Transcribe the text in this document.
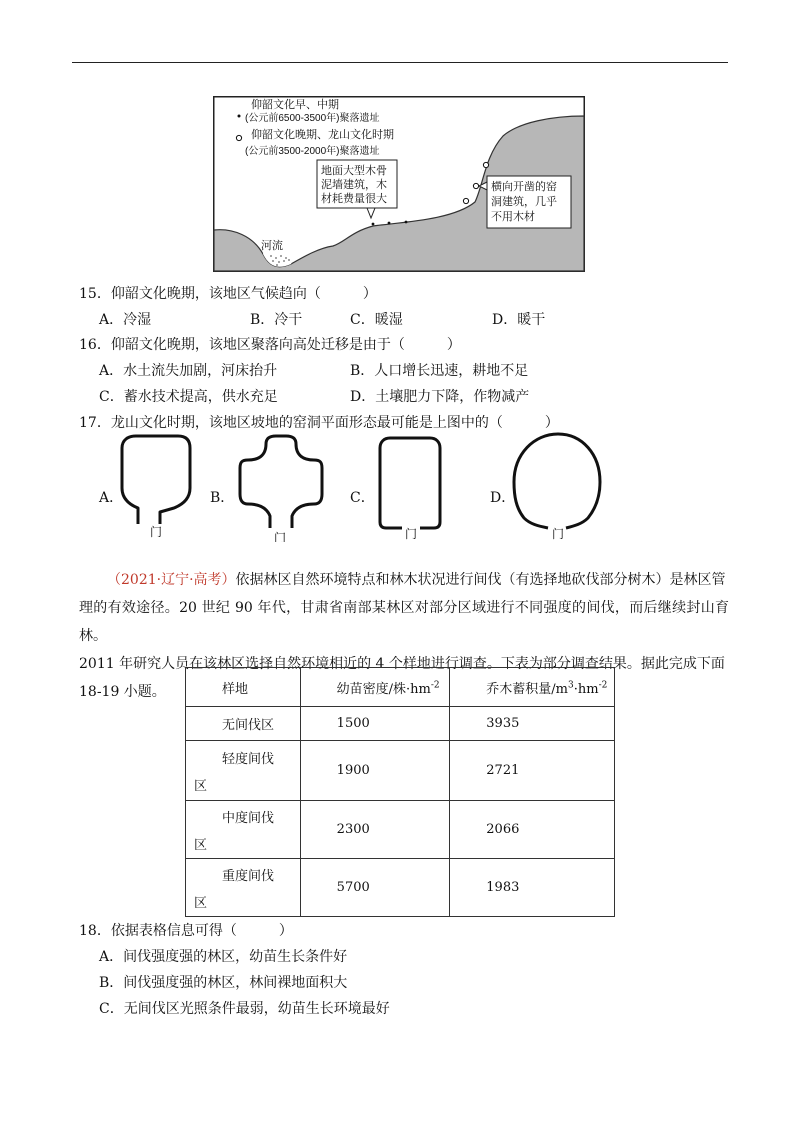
河流
仰韶文化早、中期
(公元前6500-3500年)聚落遗址
仰韶文化晚期、龙山文化时期
(公元前3500-2000年)聚落遗址
地面大型木骨
泥墙建筑，木
材耗费量很大
横向开凿的窑
洞建筑，几乎
不用木材
15．仰韶文化晚期，该地区气候趋向（　　　）
A．冷湿	B．冷干	C．暖湿	D．暖干
16．仰韶文化晚期，该地区聚落向高处迁移是由于（　　　）
A．水土流失加剧，河床抬升	B．人口增长迅速，耕地不足
C．蓄水技术提高，供水充足	D．土壤肥力下降，作物减产
17．龙山文化时期，该地区坡地的窑洞平面形态最可能是上图中的（　　　）
A．
门
B．
门
C．
门
D．
门

（2021·辽宁·高考）依据林区自然环境特点和林木状况进行间伐（有选择地砍伐部分树木）是林区管

理的有效途径。20 世纪 90 年代，甘肃省南部某林区对部分区域进行不同强度的间伐，而后继续封山育林。

2011 年研究人员在该林区选择自然环境相近的 4 个样地进行调查。下表为部分调查结果。据此完成下面

18-19 小题。	样地	幼苗密度/株$\cdot hm^{-2}$	乔木蓄积量$/m^3\cdot hm^{-2}$
无间伐区	1500	3935

轻度间伐
区	1900	2721

中度间伐
区	2300	2066

重度间伐
区	5700	1983
18．依据表格信息可得（　　　）
A．间伐强度强的林区，幼苗生长条件好
B．间伐强度强的林区，林间裸地面积大
C．无间伐区光照条件最弱，幼苗生长环境最好
